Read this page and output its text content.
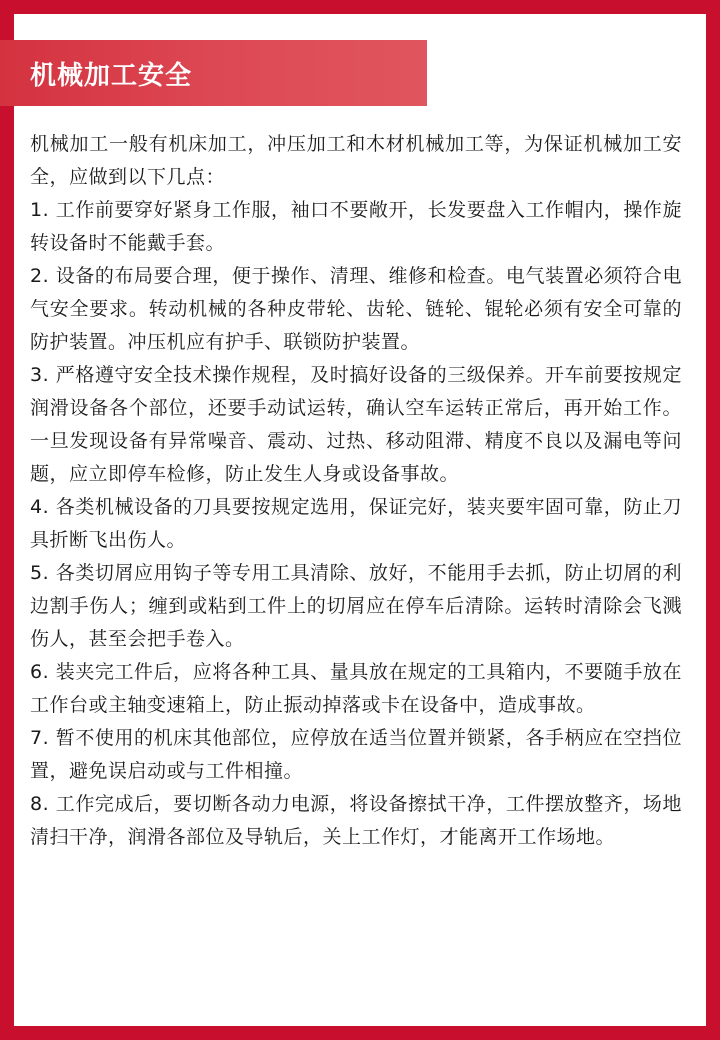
机械加工安全

机械加工一般有机床加工，冲压加工和木材机械加工等，为保证机械加工安全，应做到以下几点：

1. 工作前要穿好紧身工作服，袖口不要敞开，长发要盘入工作帽内，操作旋转设备时不能戴手套。

2. 设备的布局要合理，便于操作、清理、维修和检查。电气装置必须符合电气安全要求。转动机械的各种皮带轮、齿轮、链轮、锟轮必须有安全可靠的防护装置。冲压机应有护手、联锁防护装置。

3. 严格遵守安全技术操作规程，及时搞好设备的三级保养。开车前要按规定润滑设备各个部位，还要手动试运转，确认空车运转正常后，再开始工作。一旦发现设备有异常噪音、震动、过热、移动阻滞、精度不良以及漏电等问题，应立即停车检修，防止发生人身或设备事故。

4. 各类机械设备的刀具要按规定选用，保证完好，装夹要牢固可靠，防止刀具折断飞出伤人。

5. 各类切屑应用钩子等专用工具清除、放好，不能用手去抓，防止切屑的利边割手伤人；缠到或粘到工件上的切屑应在停车后清除。运转时清除会飞溅伤人，甚至会把手卷入。

6. 装夹完工件后，应将各种工具、量具放在规定的工具箱内，不要随手放在工作台或主轴变速箱上，防止振动掉落或卡在设备中，造成事故。

7. 暂不使用的机床其他部位，应停放在适当位置并锁紧，各手柄应在空挡位置，避免误启动或与工件相撞。

8. 工作完成后，要切断各动力电源，将设备擦拭干净，工件摆放整齐，场地清扫干净，润滑各部位及导轨后，关上工作灯，才能离开工作场地。
